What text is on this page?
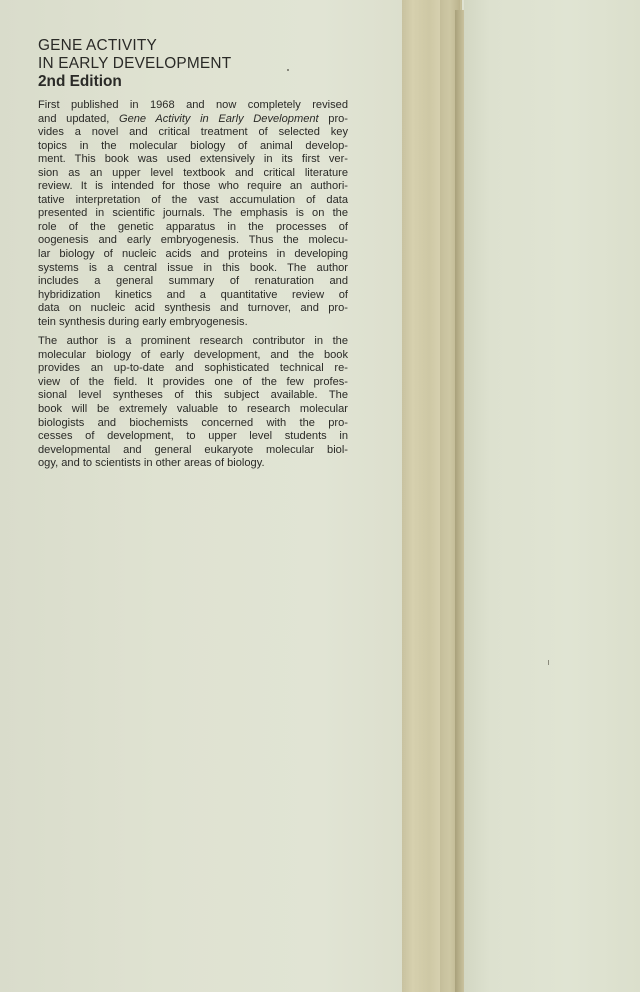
GENE ACTIVITY
IN EARLY DEVELOPMENT
2nd Edition

First published in 1968 and now completely revised
and updated, Gene Activity in Early Development pro-
vides a novel and critical treatment of selected key
topics in the molecular biology of animal develop-
ment. This book was used extensively in its first ver-
sion as an upper level textbook and critical literature
review. It is intended for those who require an authori-
tative interpretation of the vast accumulation of data
presented in scientific journals. The emphasis is on the
role of the genetic apparatus in the processes of
oogenesis and early embryogenesis. Thus the molecu-
lar biology of nucleic acids and proteins in developing
systems is a central issue in this book. The author
includes a general summary of renaturation and
hybridization kinetics and a quantitative review of
data on nucleic acid synthesis and turnover, and pro-
tein synthesis during early embryogenesis.

The author is a prominent research contributor in the
molecular biology of early development, and the book
provides an up-to-date and sophisticated technical re-
view of the field. It provides one of the few profes-
sional level syntheses of this subject available. The
book will be extremely valuable to research molecular
biologists and biochemists concerned with the pro-
cesses of development, to upper level students in
developmental and general eukaryote molecular biol-
ogy, and to scientists in other areas of biology.
